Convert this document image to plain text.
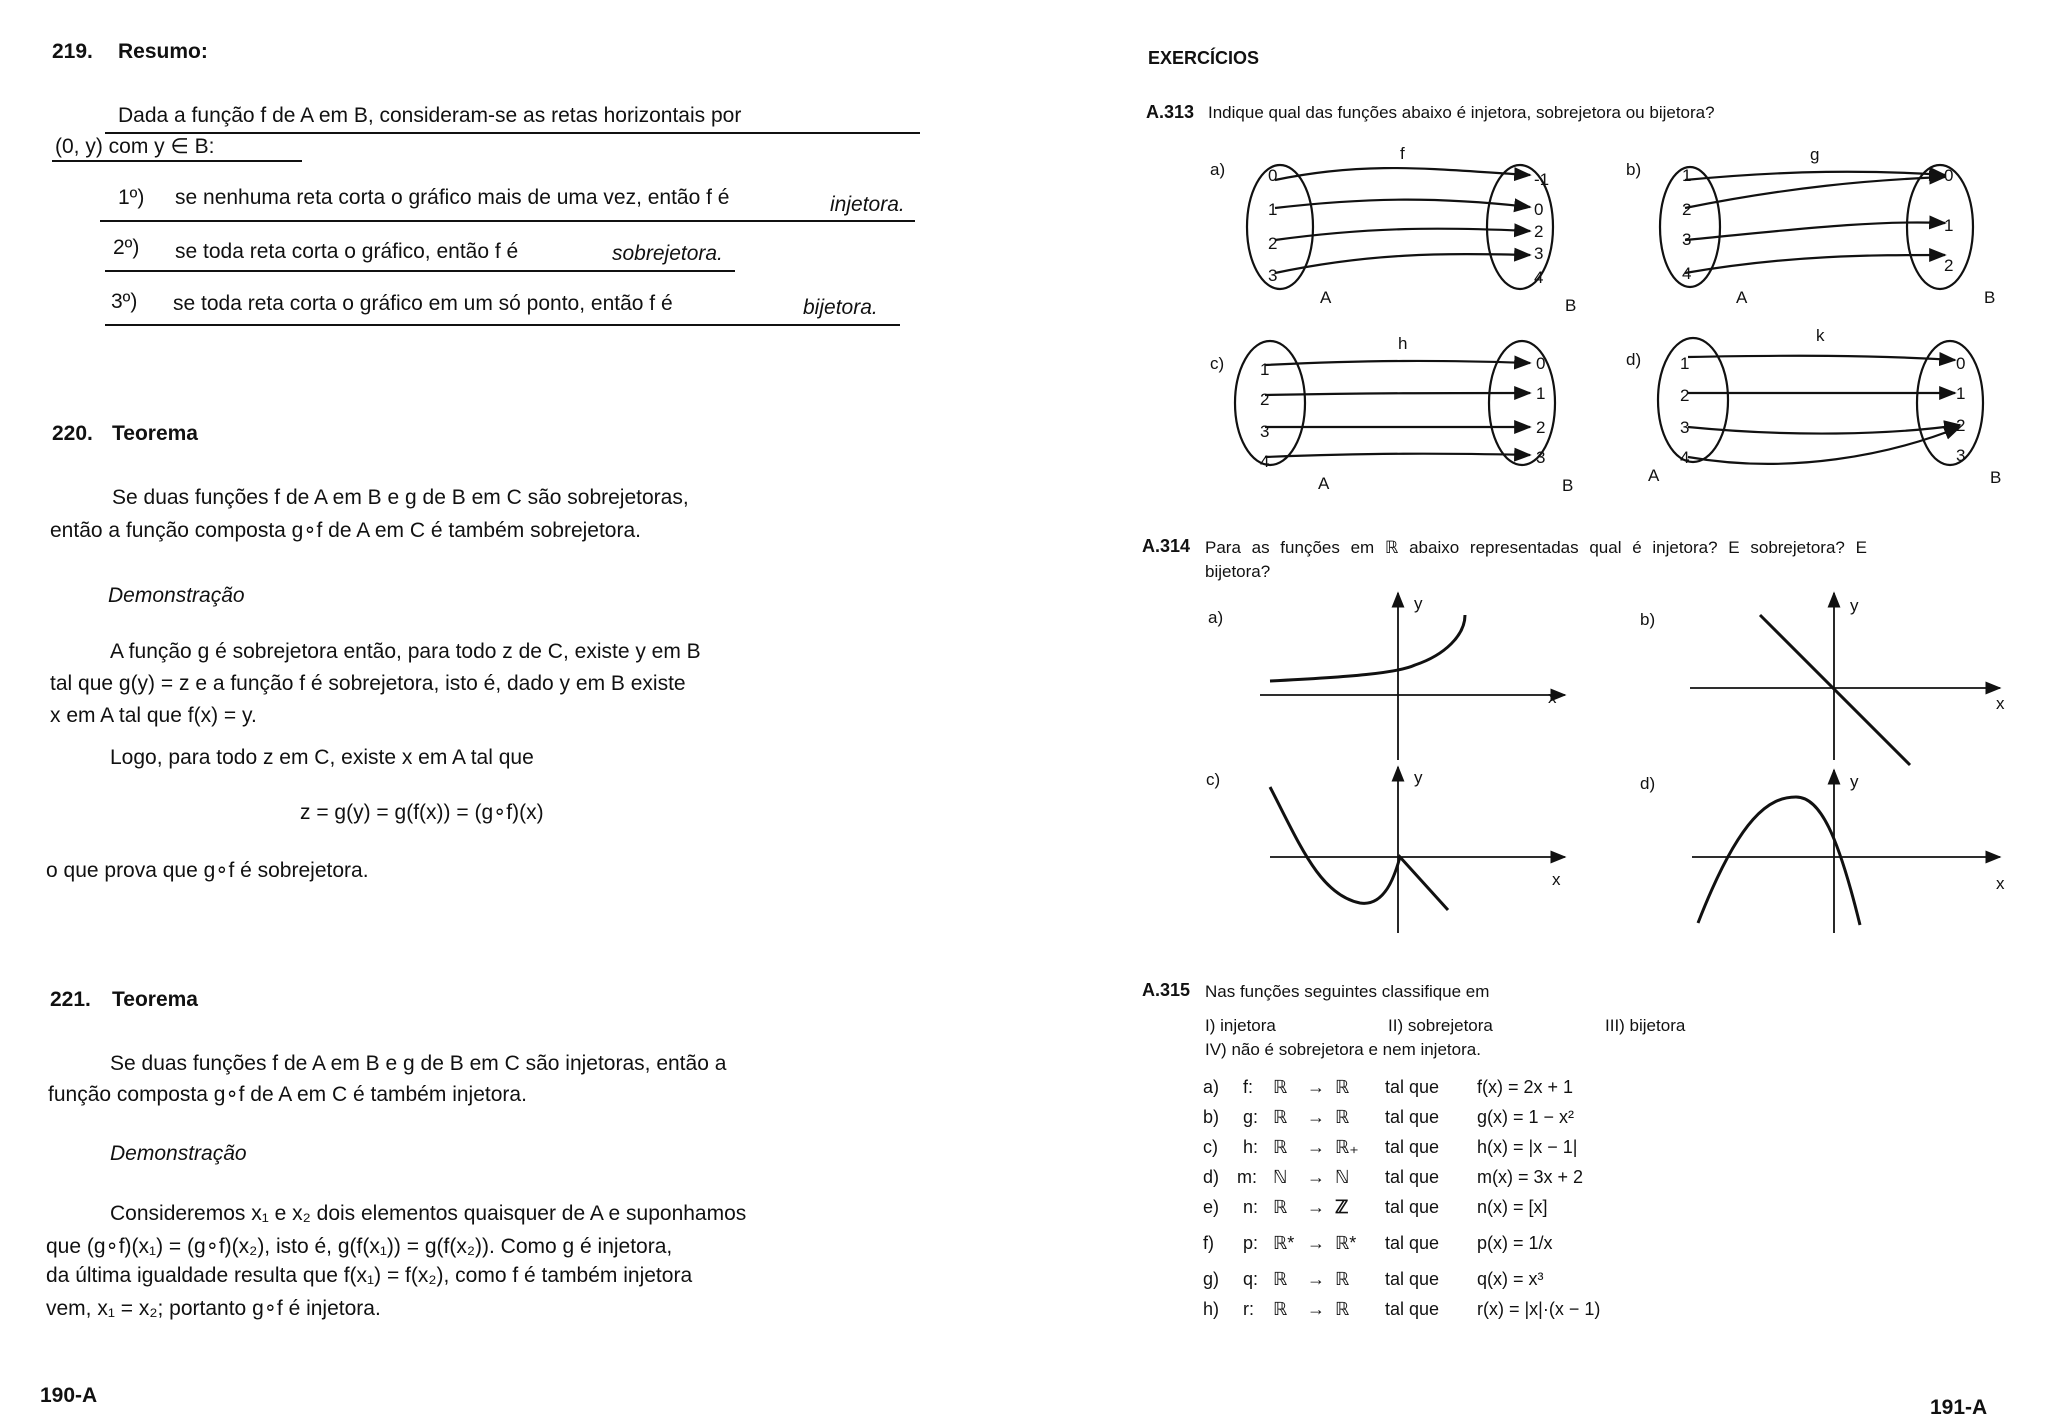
219. Resumo:
Dada a função f de A em B, consideram-se as retas horizontais por
(0, y) com y ∈ B:
1º) se nenhuma reta corta o gráfico mais de uma vez, então f é	injetora.
2º) se toda reta corta o gráfico, então f é	sobrejetora.
3º) se toda reta corta o gráfico em um só ponto, então f é	bijetora.
220. Teorema
Se duas funções f de A em B e g de B em C são sobrejetoras,
então a função composta g∘f de A em C é também sobrejetora.
Demonstração
A função g é sobrejetora então, para todo z de C, existe y em B
tal que g(y) = z e a função f é sobrejetora, isto é, dado y em B existe
x em A tal que f(x) = y.
Logo, para todo z em C, existe x em A tal que
z = g(y) = g(f(x)) = (g∘f)(x)
o que prova que g∘f é sobrejetora.
221. Teorema
Se duas funções f de A em B e g de B em C são injetoras, então a
função composta g∘f de A em C é também injetora.
Demonstração
Consideremos x₁ e x₂ dois elementos quaisquer de A e suponhamos
que (g∘f)(x₁) = (g∘f)(x₂), isto é, g(f(x₁)) = g(f(x₂)). Como g é injetora,
da última igualdade resulta que f(x₁) = f(x₂), como f é também injetora
vem, x₁ = x₂; portanto g∘f é injetora.
190-A
EXERCÍCIOS
A.313 Indique qual das funções abaixo é injetora, sobrejetora ou bijetora?
a)
f
0
1
2
3
-1
0
2
3
4
A	B
b)
g
1
2
3
4
0
1
2
A	B
c)
h
1
2
3
4
0
1
2
3
A	B
d)
k
1
2
3
4
0
1
2
3
A	B
A.314 Para as funções em ℝ abaixo representadas qual é injetora? E sobrejetora? E
bijetora?
a)
y
x
b)
y
x
c)	y
x
d)	y
x
A.315 Nas funções seguintes classifique em
I) injetora	II) sobrejetora	III) bijetora
IV) não é sobrejetora e nem injetora.
a) f: ℝ → ℝ tal que f(x) = 2x + 1
b) g: ℝ → ℝ tal que g(x) = 1 − x²
c) h: ℝ → ℝ₊ tal que h(x) = |x − 1|
d) m: ℕ → ℕ tal que m(x) = 3x + 2
e) n: ℝ → ℤ tal que n(x) = [x]
f) p: ℝ* → ℝ* tal que p(x) = 1/x
g) q: ℝ → ℝ tal que q(x) = x³
h) r: ℝ → ℝ tal que r(x) = |x|·(x − 1)
191-A
